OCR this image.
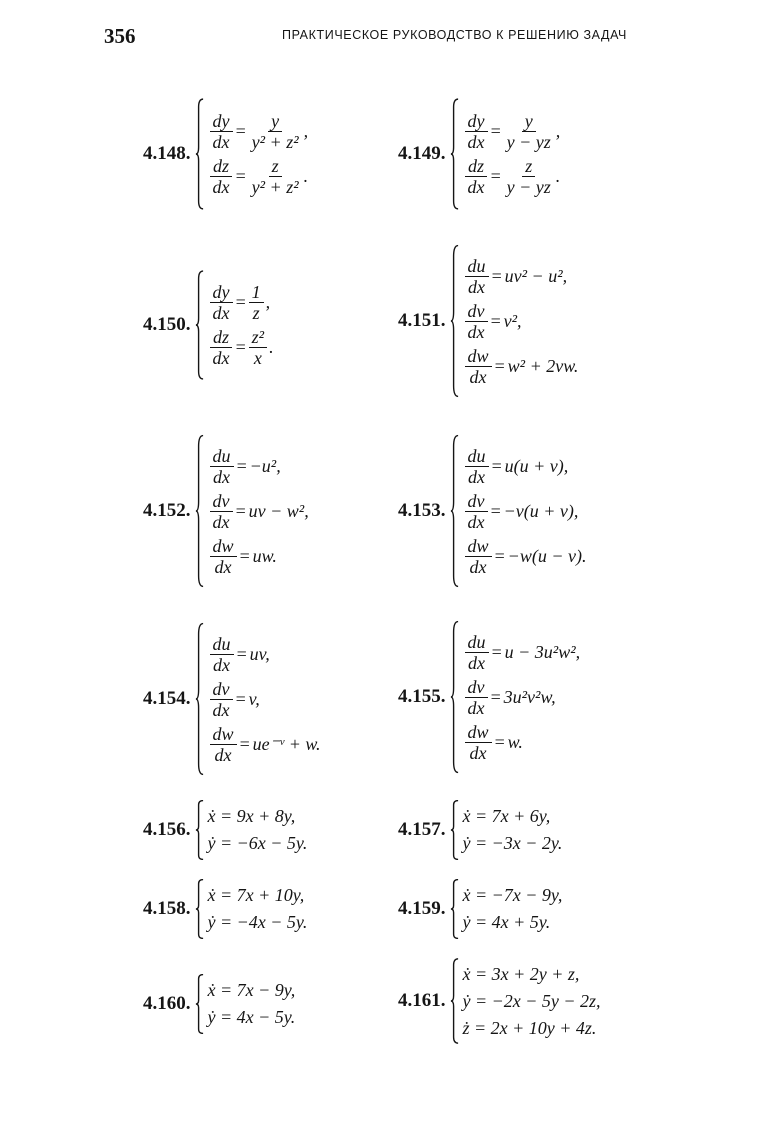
356	ПРАКТИЧЕСКОЕ РУКОВОДСТВО К РЕШЕНИЮ ЗАДАЧ
4.148.
$\frac{dy}{dx} = \frac{y}{\text{y² + z²}}$ ,
$\frac{dz}{dx} = \frac{z}{\text{y² + z²}}$ .
4.149.
$\frac{dy}{dx} = \frac{y}{y - yz}$ ,
$\frac{dz}{dx} = \frac{z}{y - yz}$ .
4.150.
$\frac{dy}{dx} = \frac{1}{z}$ ,
$\frac{dz}{dx} = \frac{\text{z²}}{x}$ .
4.151.
$\frac{du}{dx} = uv^2 - u^2$,
$\frac{dv}{dx} = v^2$,
$\frac{dw}{dx} = w^2 + 2vw$.
4.152.
$\frac{du}{dx} = -u^2$,
$\frac{dv}{dx}$ = uv − w²,
$\frac{dw}{dx}$ = uw.
4.153.
$\frac{du}{dx} = u(u + v)$,
$\frac{dv}{dx} = -v(u + v)$,
$\frac{dw}{dx} = -w(u - v)$.
4.154.
$\frac{du}{dx}$ = uv,
$\frac{dv}{dx} = v$,
$\frac{dw}{dx}$ = ue⁻ᵛ + w.
4.155.
$\frac{du}{dx} = u - 3u^2w^2$,
$\frac{dv}{dx} = 3u^2v^2w$,
$\frac{dw}{dx} = w$.
4.156.
ẋ = 9x + 8y,
ẏ = −6x − 5y.
4.157.
ẋ = 7x + 6y,
ẏ = −3x − 2y.
4.158.
ẋ = 7x + 10y,
ẏ = −4x − 5y.
4.159.
ẋ = −7x − 9y,
ẏ = 4x + 5y.
4.160.
ẋ = 7x − 9y,
ẏ = 4x − 5y.
4.161.
ẋ = 3x + 2y + z,
ẏ = −2x − 5y − 2z,
ż = 2x + 10y + 4z.
